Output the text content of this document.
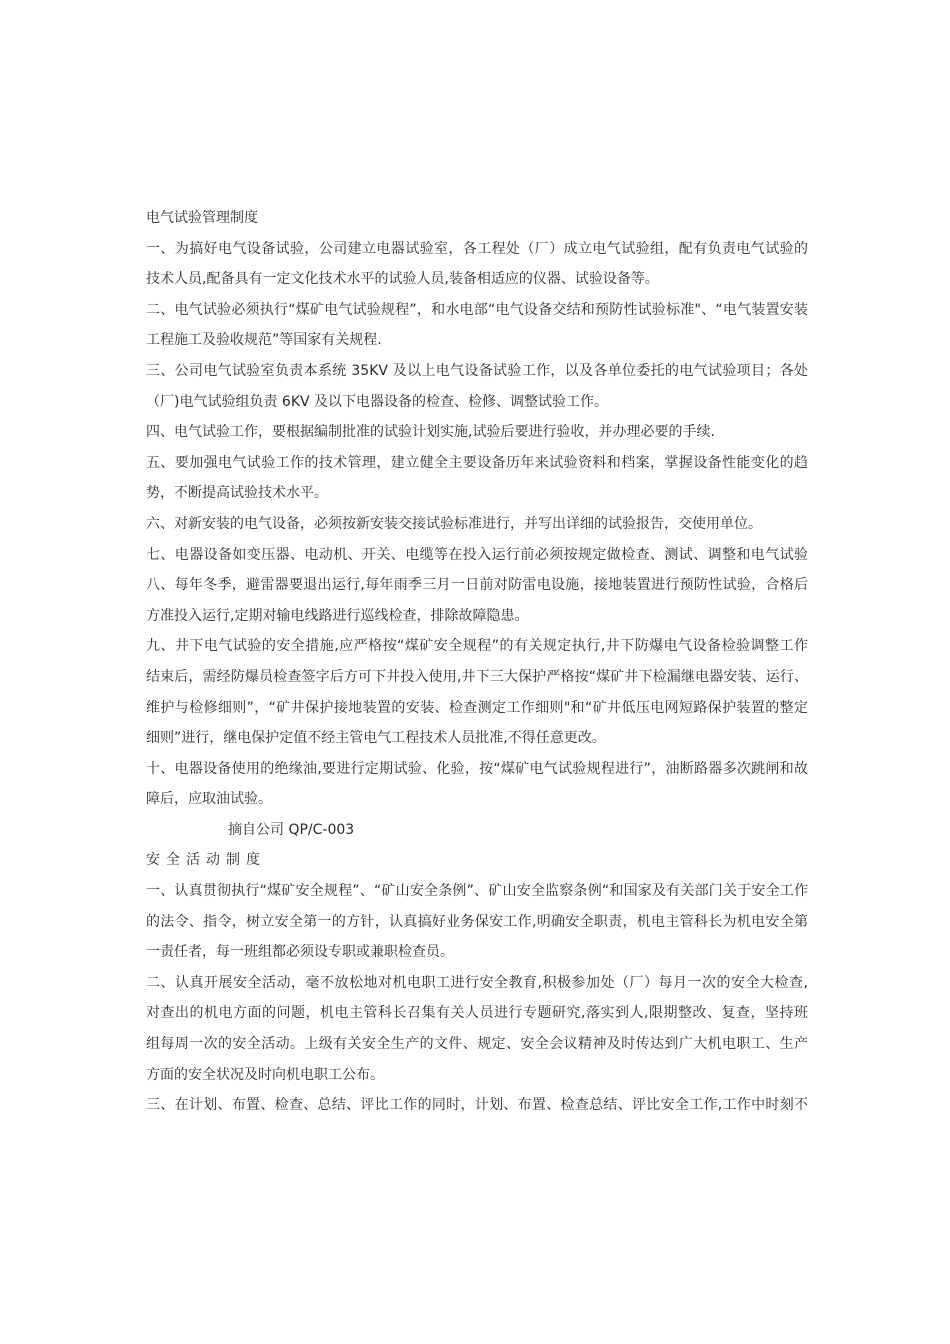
电气试验管理制度
一、为搞好电气设备试验，公司建立电器试验室，各工程处（厂）成立电气试验组，配有负责电气试验的
技术人员,配备具有一定文化技术水平的试验人员,装备相适应的仪器、试验设备等。
二、电气试验必须执行“煤矿电气试验规程”，和水电部“电气设备交结和预防性试验标准"、“电气装置安装
工程施工及验收规范”等国家有关规程.
三、公司电气试验室负责本系统 35KV 及以上电气设备试验工作，以及各单位委托的电气试验项目；各处
（厂)电气试验组负责 6KV 及以下电器设备的检查、检修、调整试验工作。
四、电气试验工作，要根据编制批准的试验计划实施,试验后要进行验收，并办理必要的手续.
五、要加强电气试验工作的技术管理，建立健全主要设备历年来试验资料和档案，掌握设备性能变化的趋
势，不断提高试验技术水平。
六、对新安装的电气设备，必须按新安装交接试验标准进行，并写出详细的试验报告，交使用单位。
七、电器设备如变压器、电动机、开关、电缆等在投入运行前必须按规定做检查、测试、调整和电气试验
八、每年冬季，避雷器要退出运行,每年雨季三月一日前对防雷电设施，接地装置进行预防性试验，合格后
方准投入运行,定期对输电线路进行巡线检查，排除故障隐患。
九、井下电气试验的安全措施,应严格按“煤矿安全规程”的有关规定执行,井下防爆电气设备检验调整工作
结束后，需经防爆员检查签字后方可下井投入使用,井下三大保护严格按“煤矿井下检漏继电器安装、运行、
维护与检修细则”，“矿井保护接地装置的安装、检查测定工作细则"和“矿井低压电网短路保护装置的整定
细则”进行，继电保护定值不经主管电气工程技术人员批准,不得任意更改。
十、电器设备使用的绝缘油,要进行定期试验、化验，按“煤矿电气试验规程进行”，油断路器多次跳闸和故
障后，应取油试验。
摘自公司 QP/C-003
安全活动制度
一、认真贯彻执行“煤矿安全规程”、“矿山安全条例”、矿山安全监察条例“和国家及有关部门关于安全工作
的法令、指令，树立安全第一的方针，认真搞好业务保安工作,明确安全职责，机电主管科长为机电安全第
一责任者，每一班组都必须设专职或兼职检查员。
二、认真开展安全活动，毫不放松地对机电职工进行安全教育,积极参加处（厂）每月一次的安全大检查,
对查出的机电方面的问题，机电主管科长召集有关人员进行专题研究,落实到人,限期整改、复查，坚持班
组每周一次的安全活动。上级有关安全生产的文件、规定、安全会议精神及时传达到广大机电职工、生产
方面的安全状况及时向机电职工公布。
三、在计划、布置、检查、总结、评比工作的同时，计划、布置、检查总结、评比安全工作,工作中时刻不
